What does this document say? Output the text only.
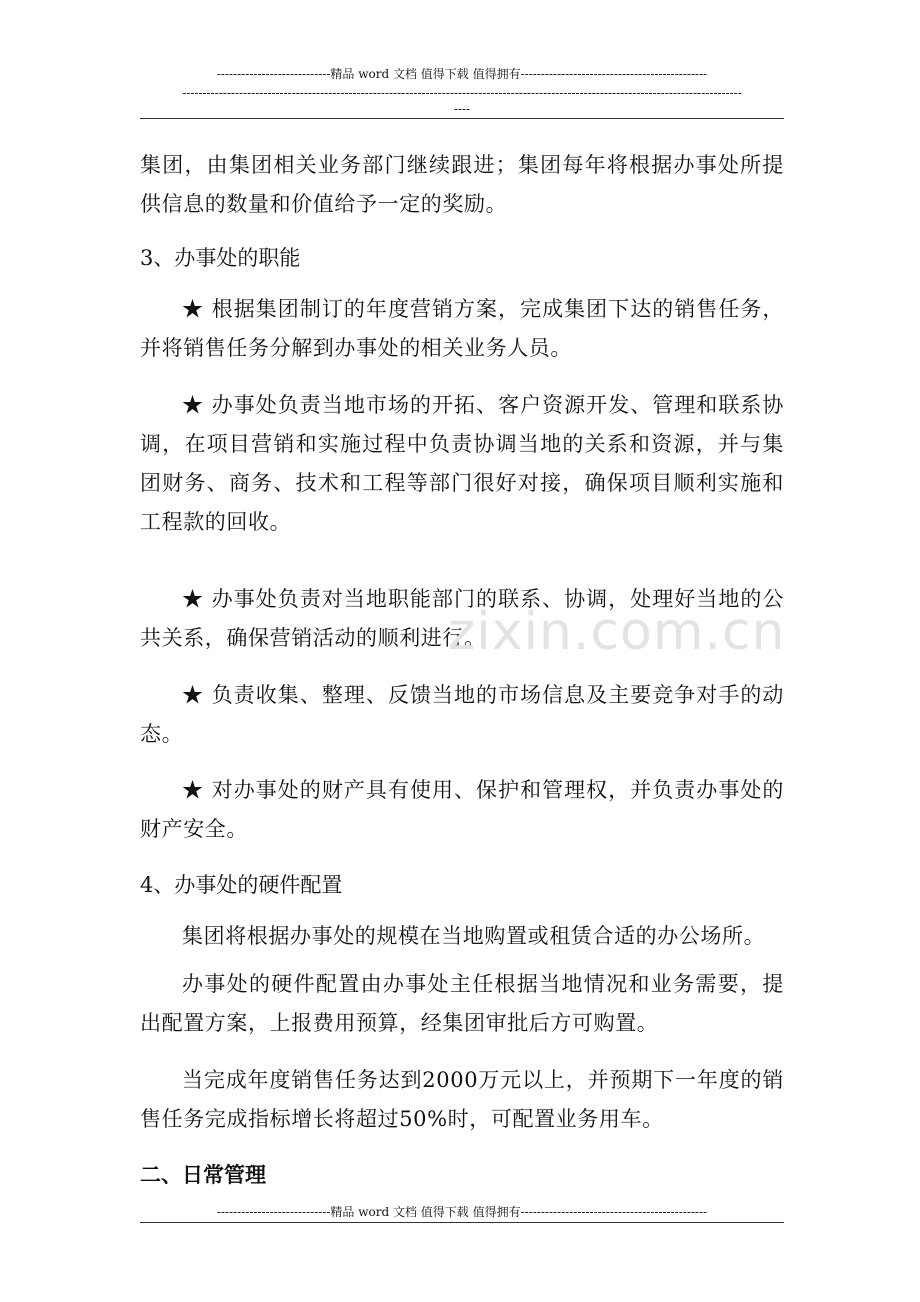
----------------------------精品 word 文档 值得下载 值得拥有----------------------------------------------
------------------------------------------------------------------------------------------------------------------------------------------
----

集团，由集团相关业务部门继续跟进；集团每年将根据办事处所提供信息的数量和价值给予一定的奖励。

3、办事处的职能

★ 根据集团制订的年度营销方案，完成集团下达的销售任务，并将销售任务分解到办事处的相关业务人员。

★ 办事处负责当地市场的开拓、客户资源开发、管理和联系协调，在项目营销和实施过程中负责协调当地的关系和资源，并与集团财务、商务、技术和工程等部门很好对接，确保项目顺利实施和工程款的回收。

★ 办事处负责对当地职能部门的联系、协调，处理好当地的公共关系，确保营销活动的顺利进行。

★ 负责收集、整理、反馈当地的市场信息及主要竞争对手的动态。

★ 对办事处的财产具有使用、保护和管理权，并负责办事处的财产安全。

4、办事处的硬件配置

集团将根据办事处的规模在当地购置或租赁合适的办公场所。

办事处的硬件配置由办事处主任根据当地情况和业务需要，提出配置方案，上报费用预算，经集团审批后方可购置。

当完成年度销售任务达到2000万元以上，并预期下一年度的销售任务完成指标增长将超过50%时，可配置业务用车。

二、日常管理

zixin.com.cn
----------------------------精品 word 文档 值得下载 值得拥有----------------------------------------------
